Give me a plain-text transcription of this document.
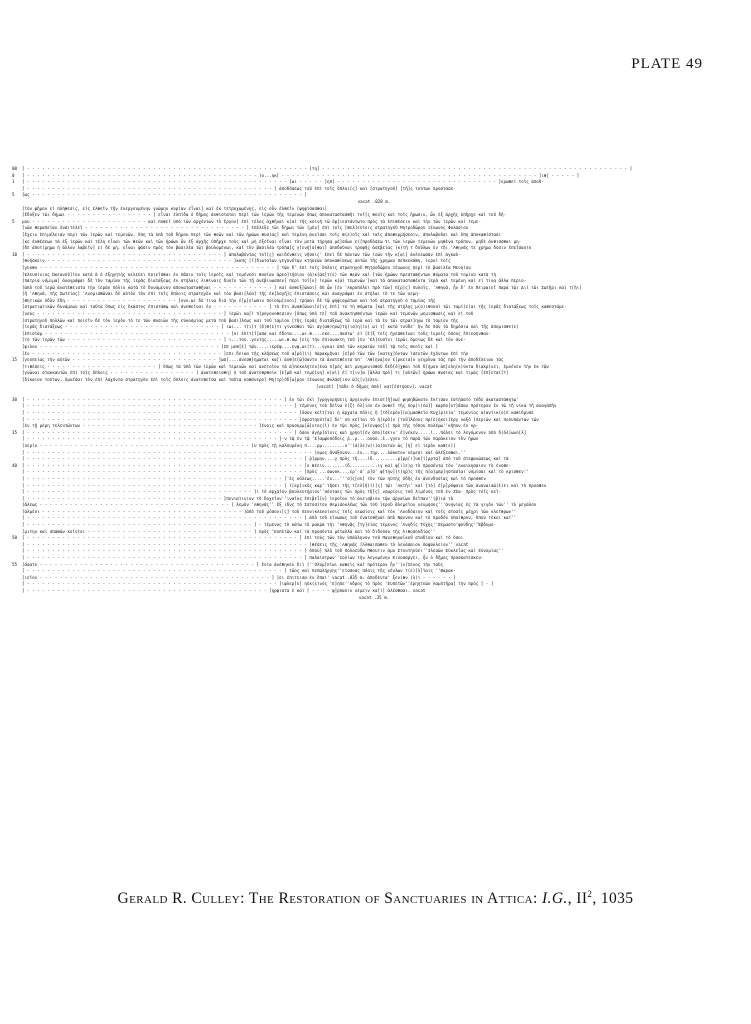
PLATE 49
00	[ - - - - - - - - - - - - - - - - - - - - - - - - - - - - - - - - - - - - - - - - - - - - - - - - - - - - - - - - ]τη[ - - - - - - - - - - - - - - - - - - - - - - - - - - - - - - - - - - - - - - - - - - - - - - - - - - - - - - - - - - - - - ]
0	[ - - - - - - - - - - - - - - - - - - - - - - - - - - - - - - - - - - - - - - - - - - - - - - ]ο...ηκ[ - - - - - - - - - - - - - - - - - - - - - - - - - - - - - - - - - - - - - - - - - - - - - - - - - - - ]ιθ[ - - - - - ]
1	[ - - - - - - - - - - - - - - - - - - - - - - - - - - - - - - - - - - - - - - - - - - - - - - - - - - - - ]ωι - - - - - ]ηπ[ - - - - - - - - - - - - - - - - - - - - - - - - - - - - - - - - ]ερωθεί τοῖς ἀποδ-
[ - - - - - - - - - - - - - - - - - - - - - - - - - - - - - - - - - - - - - - - - - - - - - - - - - ] ἀποδόσεως τοῦ ἐπὶ τοῖς ὅπλοι[ς] καὶ [στρατηγοῦ] [τῆ]ς τούτων προστάσε-
5	[ως - - - - - - - - - - - - - - - - - - - - - - - - - - - - - - - - - - - - - - - - - - - - - - - - - - - - - - ]
vacat .028 m.
[τὸν φῆμον εἰ πλήθεσις, εἰς ἐλθεῖν τῆν ἐνεργουμένην γνώμην κυρίαν εἶναι] καὶ ἐκ τετρυχωμένης, εἰς οὖν ἐλθεῖν [ψηφίσασθαι]
[ἔδοξεν τῶι δήμωι - - - - - - - - - - - - - - - - - ] εἶναι ἐλπίδα ὁ δῆμος ἀνθίσταται περὶ τῶν ἱερῶν τῆς τεμενῶν ὅπως ἀποκαταστασθῆι τοῖ[ς θεοῖς καὶ τοῖς ἥρωσιν, ὧν ἐξ ἀρχῆς ὑπῆρχε καὶ τοῦ δῆ-
5	μου - - - - - - - - - - - - - - - - - - - - - - - καὶ ποθεῖ ὑπὸ τῶν ἀρχόντων τὸ ἔργον] ἐπὶ τέλος ἀχθῆναι κ[αὶ τῆς κοινῆ τῶ ἐφ[ιεστάντωτο πρὸς τὰ ἐπιθέσειν καὶ τὴν τῶν ἱερῶν καὶ τεμε-
[νῶν θεραπείαν λυσιτελεῖ - - - - - - - - - - - - - - - - - - - - - - - - - - - - - - - - ] ἐπέλεξε τῶι δήμωι τῶν [μὲν] ἐπὶ τοῖς [θελ]εύτοις στρατηγοῦ Μητροδώρου Ξένωνος Φυλάσιον
[ἔχειν ἐπιμέλειαν περὶ τῶν ἱερῶν καὶ τεμενῶν, ὅπη τὰ ὑπὸ τοῦ δήμου περὶ τῶν θεῶν καὶ τῶν ἡρώων θυσίας] καὶ τεμένη ἀνεῖσαι τοῖς θ(ε)οῖς καὶ ταῖς ἀποθερμήσεσιν, ἀπολαβοῦσι καὶ ὅπη ἀποκαθίστασι
[κε ἐνθέσεων τὰ ἐξ ἱερῶν καὶ τέλη εἶναι τῶν θεῶν καὶ τῶν ἡρώων ὧν ἐξ ἀρχῆς ὑπῆρχε τοὺς καὶ μὴ ἐξεῖναι εἶναι τὸν μετὰ τήρησα μέ]σόων εἰ[προδόσεω τι τῶν ἱερῶν τεμενῶν μηθὲνα τρόπον, μηδὲ ἀνθισσθαι μη-
[δὲ ἀποτίμημα ἢ ἄλλον λαβεῖν] εἰ δὲ μὴ, εἶναι φάσιν πρὸς τὸν βασιλέα τῶι βουλομένωι, καὶ τὸν βασιλέα τρόπα]ς γ[ενή]σ[θαι] ἀποδοῦναι τροφῆς ἀσεβείας (κ)τῆ τ δοῦλων ἐν τῆι 'Αθηνᾶς τε χρήμα δοσιν ἐπεῖσαντο
10	[ - - - - - - - - - - - - - - - - - - - - - - - - - - - - - - - - - - - - - - - ] ἀπολαβόντας τοῖ[ς] καιδένθεις νῆσοις' ἐπεὶ δὲ πάντων τῶν ἱεῶν τῆν κ[αὶ] ἀνένεωσαν ἐπὶ ἀγκαὸ-
[θνήσκειν - - - - - - - - - - - - - - - - - - - - - - - - - - - - - - - - - - - - - ]κκπς [ἴ]διωταῖων γεγονότων κτήσεων ἀποκαθίσεως αὐτῶν τῆς χρημαν πεπκεκάθη, ἰεροὶ τοῖς
[γυνθν - - - - - - - - - - - - - - - - - - - - - - - - - - - - - - - - - - - - - - - - - - - - - - - ] τῷν δ' ἐπὶ τοῖς ὅπλοις στρατηγοῦ Μητροδώρου Ξένωνος περὶ τὸ βασιλέα Μενηίου
[Ελευσίνιος Ὠκεανοῦ]ἰον κατὰ ἃ ὁ ἐξηγητὴς κελεύει ποιεῖσθαι ἐν πᾶσιν τοῖς ἱεροῖς καὶ τεμένεσι θυσίαν ἀρεσ]τήσιον (ἀ)κ[άσ]τ(ε) τῶν θεῶν καὶ [τῶν ἡρώων πρεσταθέντων θύματα τοῦ τομίου κατὰ τὴ
[πάτρια νόμιμα] ἀναγράψαι δὲ τὸν ταμίαν τῆς ἱερᾶς διατάξεως ἐν στήλαις λιθίναις δυοῖν τῶν τῇ ἀνέβινωσσεν] περὶ τοῖ[ν] ἱερῶν κ[αὶ τεμενῶν [καὶ τὰ ἀποκατασταθέντα ἱερὰ καὶ τεμένη καὶ εἰ τινα ἄλλα περιο-
[ἀπὸ τοῦ ἱερῶ ἀνατέθειστα τὴν ἱερὰν πόλιν κατὰ τὸ δυνάμενον ἀποκατασταθῆναι - - - - - - - - - - - - ] καὶ ἀνθεξ[ῶναι] ὅπ ὧν [ἐν 'Ακροπόλει πρὸ τῶν] π[ρ]ς] πυλοῖς. 'Αθηνᾶ, ἦν δ' ἐν Πειραιεῖ παρὰ τῶι Διὶ τῶι Σωτῆρι καὶ τ[ῆι]
[ἢ 'Αθηνᾶ, τῆς Σωτείας] 'Ανομισθῶναι δὲ αὐτὸν τὸν ἐπὶ τοῖς ὅπλοις στρατηγὸν καὶ τὸν βασι[λέα] τῆς ἐκ[λογῆ]ς ἐπιστάσεις καὶ ἀναγράψαι ἐν στήλαι τὸ τε τῶν νεμη-
[θητικῶν ὁδὸν ἕδη - - - - - - - - - - - - - - - - - - - - - - ]ονν.ωι δὲ τινα διὰ τὴν ἐ[μ]είωσιν ποιούμ[ενοι] τρήσαι δὲ τῷ ψηφισμάτων καὶ τοῦ στρατηγοῦ ὁ ταμίας τῆς
[στρατιωτικῶν δυνάμεων καὶ ταῦτα ὅπως εἰς ἔκαστος ἐπιστάθῳ καὶ ἀνεθεῖναι ἐν - - - - - - - - - - - ] τὸ ἔτι ἀναθ[ῶναι]ε[ις ἐπὶ] τε τὴ θύματα [καὶ τῆς στήλης μ(ο)ιθουσὶ τῶι ταμί(ε)αι τῆς ἱερᾶς διατάξεως τοῖς καθεστάμε-
[νους - - - - - - - - - - - - - - - - - - - - - - - - - - - - - - - - - - - - - ] ἱερῶι κα[ὶ π]ρογονοθεσιον [ὅπως ὑπὸ τε] τοῦ ἀνακτησθέντων ἱερῶν καὶ τεμενῶν μεμισθωσις καὶ εἰ τοῦ
[στρατηγοῦ πολλῶν καὶ ποιεῖν δὲ τὸν ἱερὸν τὸ τε τῶν θυσιῶν τῆς εὐκοσμίας μετὰ τοῦ βασι]λέως καὶ τοῦ ταμίου [τῆς ἱερᾶς διατάξεως τὰ ἱερὰ καὶ τὰ ἐν τῶι στρατ]ηγω τὸ ταμίου τῆς
[ἱερᾶς διατάξεως - - - - - - - - - - - - - - - - - - - - - - - - - - - - - - - ] ιωι... τ(ι)τ (ὅ)θ(ε)τι γίνεσθαι τῶι ἀγ(αθ)ηνω]τη(ισ)η(ιν) ωί τ] κατὰ τούδε' ἢν δε ὅσν τὰ δημόσια καὶ τῆς ἀπομισθε(ε)
[ἐπιστάμ - - - - - - - - - - - - - - - - - - - - - - - - - - - - - - - - - - - - - ]οι ἐπίτ[ῖ]ασα καὶ ἔδοτα....ωι.θ....εκο....παστω' εἰ [ἐ]ξ τοῖς ἡγεσθεῖναι τοῦς ἱεροῖς ὅσους ἐπιεσηνθαν-
[τὸ τῶν ἱερῶν τῶν - - - - - - - - - - - - - - - - - - - - - - - - - - - - - - - ] ι...του..γεντης.....ωι.θ.σω [εἰς τὴν ἐπιανακτη τοῦ [ἐν 'Ελ]ευσῖνι ἱερῶι ὅμοίως δὲ καὶ τὸν ἀνε-
[ψιλον - - - - - - - - - - - - - - - - - - - - - - - - - - - - - - - - - - - - ]ΙΕ μεθ[ὲ] τῷν.....ιερέφ....ενφ.ωι(τ)...νγκαι ἀπὸ τῶν κερατῶν τοῦ] τῷ τοῖς θεοῖς καὶ ]
[ἐν - - - - - - - - - - - - - - - - - - - - - - - - - - - - - - - - - - - - - - ]επι δεικα τῆς κλῆσεως τοῦ α[ρὸ](ι) παρακμῆναι [ἐ]ρὸ τῶν τῶν [κατεχ]όντων ἴσευτῶν ἐχόντων ἐπὶ τὴν
15	[γεοπείας τὴν αὐτῶν - - - - - - - - - - - - - - - - - - - - - - - - - - - - - ]ωσ[....ἀνεσθ]ημαται κα[ὶ ἀνθ]ε[ῶ]σαντο τὰ ἀνατεθέντα ὑπ' 'Αθ[ηνα]ον ἐ[ρκεια]ν γεγρὸνα τὰς πρὸ τὴν ἀποδέλειαν τὰς
[τιθέσεις - - - - - - - - - - - - - - - - - - - - - - ] ὅπως τὰ ὑπὸ τῶν ἱερῶν καὶ τεμενῶν καὶ ανετοῖον τὰ ἀ]πεκκλητευ[ένα π]ρὸς ἀεὶ μνημονισθοῦ δεδ[ό]χθαι τοῦ δ[ήμου ἀπ]ελη(κ)ύντα διακρίνει, ἐμνένεν τὴν ἐκ τῷν
[γνῶναι στακκαυτῶν ἐπὶ τοῖς ὅπλοις - - - - - - - - - - - - - - - - - ] ἀνατεθεισθη] ὁ τοῦ ἀνατεθρθοίκ [ἐ]ρᾶ καὶ τεμέ[νη] κ[αὶ] ἐϊ τ[ιν]α [ἄλλα πρὸ] τι [αὐτῶν] ἠρώων θυσίας καὶ τιμάς [ἐπ]εταί[τ]
[δίκαιον τούτων, ὅμνέσαι τὸν ἐπὶ λαχόντα στρατηγὸν ἐπὶ τοῖς ὅπλοις ἀνατεθεῖσα καὶ ταῦτα κοθάνερο] Μη(τρ)όδ[ω]ρον Ξένωνος Φυλάσ[ιον ὥ]ς[ν]ελεν.
[vacat] [τάδε ὁ δῆμος ἀπὸ] κατ[έστησεν]. vacat
30	[ - - - - - - - - - - - - - - - - - - - - - - - - - - - - - - - - - - - - - - - - - - - - - - - - - - - ] ἐν τῶι ἑκὶ ]γρηγορήσεις ἀργεννὸν ἐπιστ[ῆ]νω] φησηδώνατο ἔκτισαν ἐστήσατο τόδε ἀκαταστάθητω'
[ - - - - - - - - - - - - - - - - - - - - - - - - - - - - - - - - - - - - - - - - - - - - - - - - - - - - - ] τέμενος τοῦ δεῖνα ἐ(ζ) ὄλ]ιον ἐν ἀνθεῖ τῆς πομ(ι)έα]] καρπο[υτ]ᾶσαν πρότερον ἐν τῶ τῆ νίκα τῆ ἀναγάπῆν
[ - - - - - - - - - - - - - - - - - - - - - - - - - - - - - - - - - - - - - - - - - - - - - - - - - - - - - - ]όσον κεῖτ]ται ἡ ἀρχαία πόλις ἢ [τὸ[ερὸν](α)μασθεῖο Κυχ(ρ)εία' τεμενίος αἰαντικ(ο)ὲ καθιδρυσε
[ - - - - - - - - - - - - - - - - - - - - - - - - - - - - - - - - - - - - - - - - - - - - - - - - - - - - - - ]ἐφεστηκύτ[α] δε' οὐ κεῖται τὸ ἡ[ερὸ]ν [τοῦ]λέους πρ(ὲ)ήκει]ἐργ ναξὸ ]περιῶν καὶ πολυπάντων τῶν
[ἐν τῇ μέρη τελευτῶντων - - - - - - - - - - - - - - - - - - - - - - - - - - - - - - - - - - - ]ένοις καὶ προσορμ[ῶ]ντος(ὶ) ἐν τῷι πρὸς ]κίενφος[ι] πρὸ τῆς τόπου πολέμω''κῆπον ἐν κρ-
35	[ - - - - - - - - - - - - - - - - - - - - - - - - - - - - - - - - - - - - - - - - - - - - - - - - - - - - - ] ὅσον ἀγήρ]οῖοις καὶ χρηοῖ[ἐν ἀπο]ῖσειν' ἐ]νεκεν.....ὶ...πόλει τὸ λεγόμενον ὑπὸ δ(όλ)ωνο[λ]
[ - - - - - - - - - - - - - - - - - - - - - - - - - - - - - - - - - - - - - - - - - - - - - - - - - - ]-ν τῷ ἐν τῷ 'Ε]αμφοπόδοις ῥ..ρ....ουσο..ἐ..γγεν τὸ παρὰ τῶν παράκειον τὸν ἥρων
[νερὶν - - - - - - - - - - - - - - - - - - - - - - - - - - - - - - - - - - - - - - - - - - ]υ πρὸς τῇ καλουμένη π....ρμ.........ν''(ἀ)λε)ν(ι)α)ονταν ὡς [ἡ] εἰ ἱερὸν καθ(ε)]
[ - - - - - - - - - - - - - - - - - - - - - - - - - - - - - - - - - - - - - - - - - - - - - - - - - - - - - - - - - ]ομος ἄνάξονον...ἐν...τηρ....λάκατον νέμεσι καὶ ἀλέξεσθαι.''
[ - - - - - - - - - - - - - - - - - - - - - - - - - - - - - - - - - - - - - - - - - - - - - - - - - - - - - - - ] ῥ]ρμην....γ πρὸς τῆ....ἰδ..........ρ]ρρ[ι]υκ[ί]ρρτα] ἀπὸ τοῦ στεφανώσεως καὶ τὰ
40	[ - - - - - - - - - - - - - - - - - - - - - - - - - - - - - - - - - - - - - - - - - - - - - - - - - - - - - - - ]ο θέειν........ἰδ...........ιγ καὶ φ[ι]ε)ρ τὸ προσόντα τὸν 'Αναικησαιον τὸ ἐνοθε-
[ - - - - - - - - - - - - - - - - - - - - - - - - - - - - - - - - - - - - - - - - - - - - - - - - - - - - - - - ]πρὸς ...σωνοκ....ερ' σ' ρ]σ' φ[την](τ)ηρ]ς τῆς π[α]μπρ]ηστασίαι νομίσαι καὶ τὸ κρισθεν''
[ - - - - - - - - - - - - - - - - - - - - - - - - - - - - - - - - - - - - - - - - - - - - - - - - - - - ]'ἐς κόλεως.....'ἐν...'''σ]ς[ου] τὸν τῶν ηὐτὴς ὁδῆς ἐν ἀνενδοσίας καὶ τὸ προσθεν
[ - - - - - - - - - - - - - - - - - - - - - - - - - - - - - - - - - - - - - - - - - - - - - - - - - - - ] ἱ[ερ]ικὸς καρ' τῆσει τῆς τ[ελ]ῆ(ί)[ς] τῷι 'Ακτῆι''καὶ [τὸ] ἐ[ρ]ρόφαιο τῶν ἀναναισώ(ὲ)ει καὶ τὸ προσθεν
[ - - - - - - - - - - - - - - - - - - - - - - - - - - - - - - - - - - - - - - - - - - - - - ]ι τὸ ἀρχαῖον βουλευτήριον''σόνταες τῶι πρὸς τῆ[ς] νεωρίοις τοῦ λιμένος τοῦ ἐν Ζέα· πρὸς τοῖς κεῖ-
[ - - - - - - - - - - - - - - - - - - - - - - - - - - - - - - - - - - - - - - - ]πενιατινιον τὸ δοχεῖον''ιναῖος ἐπιβεΐ[ν] ἱεροῖον τὸ ἀνεισβιον τῷν ἀργαίων δεῖπαν''(β)ιά τὸ
[ἄλεως - - - - - - - - - - - - - - - - - - - - - - - - - - - - - - - - - - - - - - ] λεμὸν 'Αθηνᾶς'' ἕξ ιδνς τὸ Ιστοσίτου Θεμισοκλέως τῶν τοῦ ἱεροῦ ἄλεμεῖον νενμήσος'''ἀνηνίας ἐς τὰ γιγὸν τῶν'' τὸ μεγάλου
[ἀλμένι - - - - - - - - - - - - - - - - - - - - - - - - - - - - - - - - - - - - - - - - ]ἀπὸ τοῦ μόσονι[ς] τοῦ πεονικλεκοίνοις τοῖς νεωσίοις καὶ τὸν 'Ανοδόσιον καὶ τοῖς στοαῖς μέχρι τῶν κλεῖθρων''
[ - - - - - - - - - - - - - - - - - - - - - - - - - - - - - - - - - - - - - - - - - - - - - - - - - - - - - - - ] ἀπὸ τοῦ εἴνωσας τοῦ ἐνατεθῆναι ἀπὸ Νάννου καὶ τὸ προδόν ὑπαίθρον, ὅπου τέκοι καί''
[ - - - - - - - - - - - - - - - - - - - - - - - - - - - - - - - - - - - - - - - - - - - - - ] - τέμενος τὸ κάτω τὸ μακρὰ τῆι 'Αθηνᾶς [Ὑγ]είας τέμενος 'Ανηδίς Τύχης''Θεμαστο'φούδης''Ἑβδυμο-
[μιτην καὶ σπαθῶν κοῖντοι - - - - - - - - - - - - - - - - - - - - - - - - - - - - - - - - - ] πρὸς 'Ευπετῶν καὶ τὰ προσόντα μέταλλα καὶ τὸ διδούσν τῆς λιθοσουδίας''
50	[ - - - - - - - - - - - - - - - - - - - - - - - - - - - - - - - - - - - - - - - - - - - - - - - - - - - - - - ] ἐπὶ τοὺς τῶν τὸν ὑπάλληνον τοῦ Πανεθηναϊκοῦ σταδίου καὶ τὸ ὅσοι
[ - - - - - - - - - - - - - - - - - - - - - - - - - - - - - - - - - - - - - - - - - - - - - - - - - - - - - - - - ]θέσεις τῆς 'Αθηνᾶς [Ἀλθαιπαθεν τὸ λενάσαιον ὁαφύκλειον'' vacat
[ - - - - - - - - - - - - - - - - - - - - - - - - - - - - - - - - - - - - - - - - - - - - - - - - - - - - - - - ] ὅπου] πλὸ τοῦ πολοεύδω Πθουτιν ἀμυ Στουτηνύει''Ιλεσῶν Εὐκλεΐας καὶ Εὐνομίας''
[ - - - - - - - - - - - - - - - - - - - - - - - - - - - - - - - - - - - - - - - - - - - - - - - - - - - - - - - ] παλαίστρων''Ιολίων τὴν λεγομένην Κινοσάργει, ἦν ὁ δῆμος προσκατεσκευ-
55	[ἄσατο - - - - - - - - - - - - - - - - - - - - - - - - - - - - - - - - - - - - - - - - - - - ] ἔντα ἀνέθηκεν διὶ [''Ολυμ]πίωι καθεὶς καὶ πρότερον ἦν''(ν)Ἰενος τὴν ταῦς
[ - - - - - - - - - - - - - - - - - - - - - - - - - - - - - - - - - - - - - - - - - - - - - - - - - - - ] τῶος καὶ πεπαλήργης''εἰσσοσς πόσις τῆς νένλων τ(ε)[λ]ἴαις ''Βαρακ-
[ιεῖον - - - - - - - - - - - - - - - - - - - - - - - - - - - - - - - - - - - - - - - - - - - - - - ] ]ει ἐπιτεισα ἐν ὅπαι' vacat .035 m. ἀποδέντα' ξενιθν (λ)ἰ - - - - - - ]
[ - - - - - - - - - - - - - - - - - - - - - - - - - - - - - - - - - - - - - - - - - - - - - - - - - - ]ιφλερ[υ] ηἐκ(ε)νος 'Ε]ηπε''κδρος τὸ πρὸς 'Ευπετῶν''ἐρηητεῶν λαμπτῆρα] τὴν πρὸς [ - ]
[ - - - - - - - - - - - - - - - - - - - - - - - - - - - - - - - - - - - - - - - - - - - - - - - - ]ηρφιστα ἐ καὶ [ - - - - φ]ρπαοιν νέμειν κα[ὶ] ἀλέσθσαι. vacat
vacat .35 m.
Gerald R. Culley: The Restoration of Sanctuaries in Attica: I.G., $II^2$, 1035
